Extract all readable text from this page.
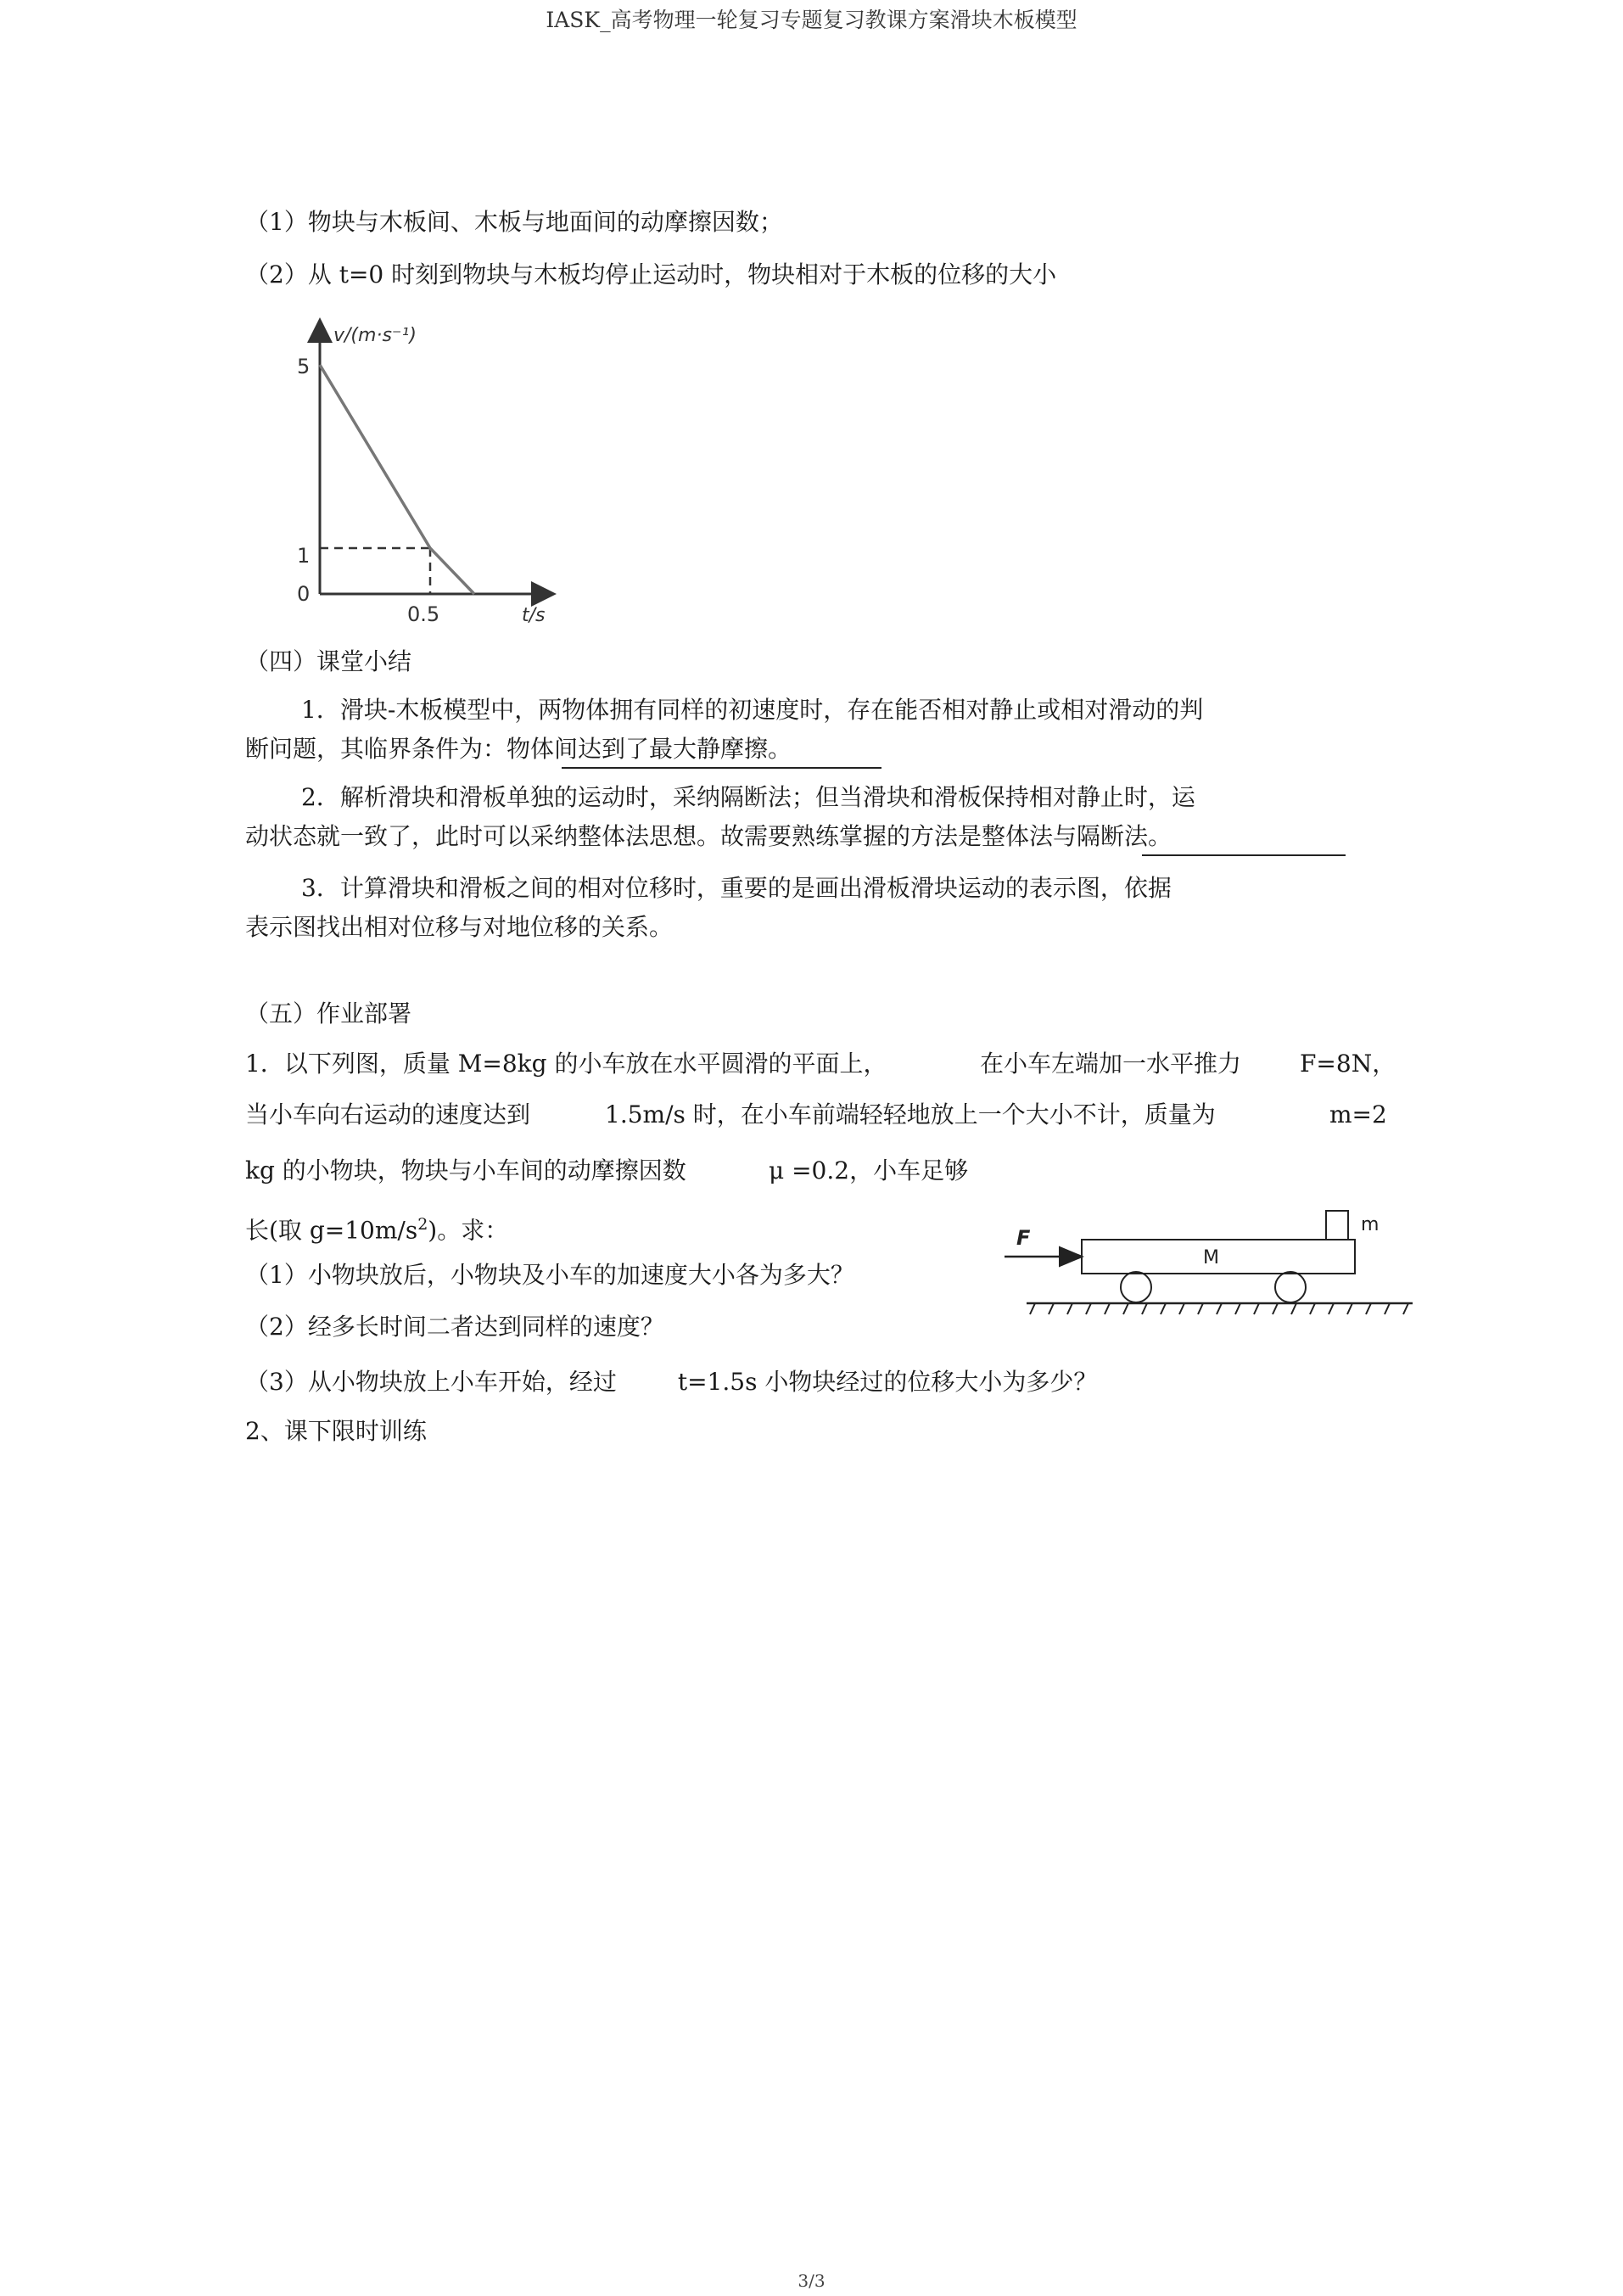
IASK_高考物理一轮复习专题复习教课方案滑块木板模型
（1）物块与木板间、木板与地面间的动摩擦因数；
（2）从 t=0 时刻到物块与木板均停止运动时，物块相对于木板的位移的大小
v/(m·s⁻¹)
t/s
5
1
0
0.5
（四）课堂小结
1．滑块-木板模型中，两物体拥有同样的初速度时，存在能否相对静止或相对滑动的判
断问题，其临界条件为：物体间达到了最大静摩擦。
2．解析滑块和滑板单独的运动时，采纳隔断法；但当滑块和滑板保持相对静止时，运
动状态就一致了，此时可以采纳整体法思想。故需要熟练掌握的方法是整体法与隔断法。
3．计算滑块和滑板之间的相对位移时，重要的是画出滑板滑块运动的表示图，依据
表示图找出相对位移与对地位移的关系。
（五）作业部署
1．以下列图，质量 M=8kg 的小车放在水平圆滑的平面上，	在小车左端加一水平推力 F=8N，
当小车向右运动的速度达到	1.5m/s 时，在小车前端轻轻地放上一个大小不计，质量为	m=2
kg 的小物块，物块与小车间的动摩擦因数	μ =0.2，小车足够
长(取 $g=10m/s^2$)。求：
（1）小物块放后，小物块及小车的加速度大小各为多大？
（2）经多长时间二者达到同样的速度？
（3）从小物块放上小车开始，经过	t=1.5s 小物块经过的位移大小为多少？
2、课下限时训练
m
M
F
3/3
